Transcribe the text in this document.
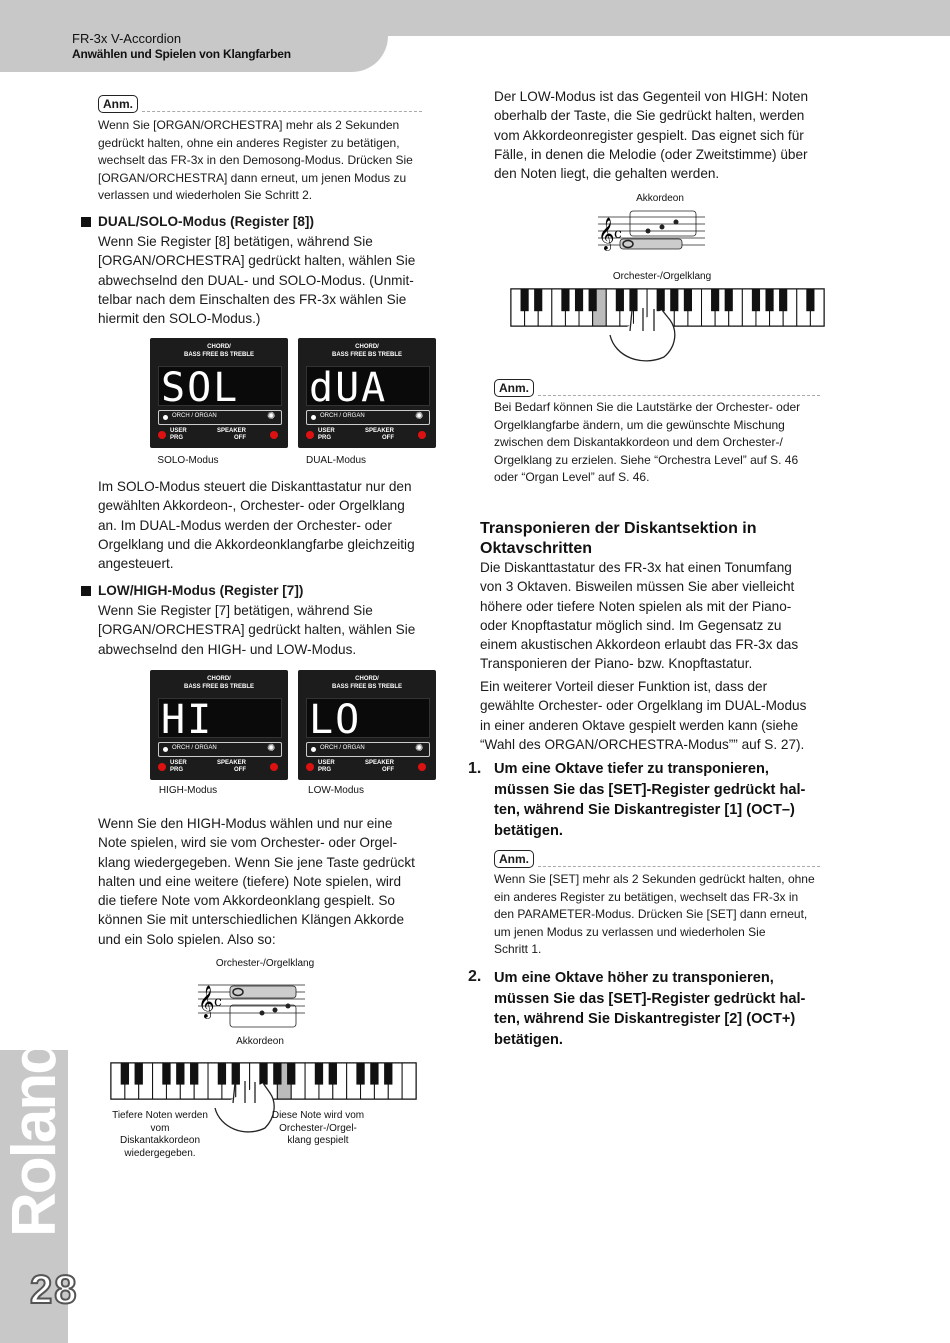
FR-3x V-Accordion
Anwählen und Spielen von Klangfarben
Roland
28
Anm.
Wenn Sie [ORGAN/ORCHESTRA] mehr als 2 Sekunden
gedrückt halten, ohne ein anderes Register zu betätigen,
wechselt das FR-3x in den Demosong-Modus. Drücken Sie
[ORGAN/ORCHESTRA] dann erneut, um jenen Modus zu
verlassen und wiederholen Sie Schritt 2.
DUAL/SOLO-Modus (Register [8])
Wenn Sie Register [8] betätigen, während Sie
[ORGAN/ORCHESTRA] gedrückt halten, wählen Sie
abwechselnd den DUAL- und SOLO-Modus. (Unmit-
telbar nach dem Einschalten des FR-3x wählen Sie
hiermit den SOLO-Modus.)
CHORD/
BASS FREE BS TREBLE
SOL
ORCH / ORGAN	✺
USER
PRG
SPEAKER
OFF
SOLO-Modus
CHORD/
BASS FREE BS TREBLE
dUA
ORCH / ORGAN	✺
USER
PRG
SPEAKER
OFF
DUAL-Modus
Im SOLO-Modus steuert die Diskanttastatur nur den
gewählten Akkordeon-, Orchester- oder Orgelklang
an. Im DUAL-Modus werden der Orchester- oder
Orgelklang und die Akkordeonklangfarbe gleichzeitig
angesteuert.
LOW/HIGH-Modus (Register [7])
Wenn Sie Register [7] betätigen, während Sie
[ORGAN/ORCHESTRA] gedrückt halten, wählen Sie
abwechselnd den HIGH- und LOW-Modus.
CHORD/
BASS FREE BS TREBLE
HI
ORCH / ORGAN	✺
USER
PRG
SPEAKER
OFF
HIGH-Modus
CHORD/
BASS FREE BS TREBLE
LO
ORCH / ORGAN	✺
USER
PRG
SPEAKER
OFF
LOW-Modus
Wenn Sie den HIGH-Modus wählen und nur eine
Note spielen, wird sie vom Orchester- oder Orgel-
klang wiedergegeben. Wenn Sie jene Taste gedrückt
halten und eine weitere (tiefere) Note spielen, wird
die tiefere Note vom Akkordeonklang gespielt. So
können Sie mit unterschiedlichen Klängen Akkorde
und ein Solo spielen. Also so:
Orchester-/Orgelklang
𝄞 c
Akkordeon
Tiefere Noten werden
vom Diskantakkordeon
wiedergegeben.
Diese Note wird vom
Orchester-/Orgel-
klang gespielt
Der LOW-Modus ist das Gegenteil von HIGH: Noten
oberhalb der Taste, die Sie gedrückt halten, werden
vom Akkordeonregister gespielt. Das eignet sich für
Fälle, in denen die Melodie (oder Zweitstimme) über
den Noten liegt, die gehalten werden.
Akkordeon
𝄞 c
Orchester-/Orgelklang
Anm.
Bei Bedarf können Sie die Lautstärke der Orchester- oder
Orgelklangfarbe ändern, um die gewünschte Mischung
zwischen dem Diskantakkordeon und dem Orchester-/
Orgelklang zu erzielen. Siehe “Orchestra Level” auf S. 46
oder “Organ Level” auf S. 46.
Transponieren der Diskantsektion in
Oktavschritten
Die Diskanttastatur des FR-3x hat einen Tonumfang
von 3 Oktaven. Bisweilen müssen Sie aber vielleicht
höhere oder tiefere Noten spielen als mit der Piano-
oder Knopftastatur möglich sind. Im Gegensatz zu
einem akustischen Akkordeon erlaubt das FR-3x das
Transponieren der Piano- bzw. Knopftastatur.
Ein weiterer Vorteil dieser Funktion ist, dass der
gewählte Orchester- oder Orgelklang im DUAL-Modus
in einer anderen Oktave gespielt werden kann (siehe
“Wahl des ORGAN/ORCHESTRA-Modus”” auf S. 27).
1. Um eine Oktave tiefer zu transponieren,
müssen Sie das [SET]-Register gedrückt hal-
ten, während Sie Diskantregister [1] (OCT–)
betätigen.
Anm.
Wenn Sie [SET] mehr als 2 Sekunden gedrückt halten, ohne
ein anderes Register zu betätigen, wechselt das FR-3x in
den PARAMETER-Modus. Drücken Sie [SET] dann erneut,
um jenen Modus zu verlassen und wiederholen Sie
Schritt 1.
2. Um eine Oktave höher zu transponieren,
müssen Sie das [SET]-Register gedrückt hal-
ten, während Sie Diskantregister [2] (OCT+)
betätigen.
